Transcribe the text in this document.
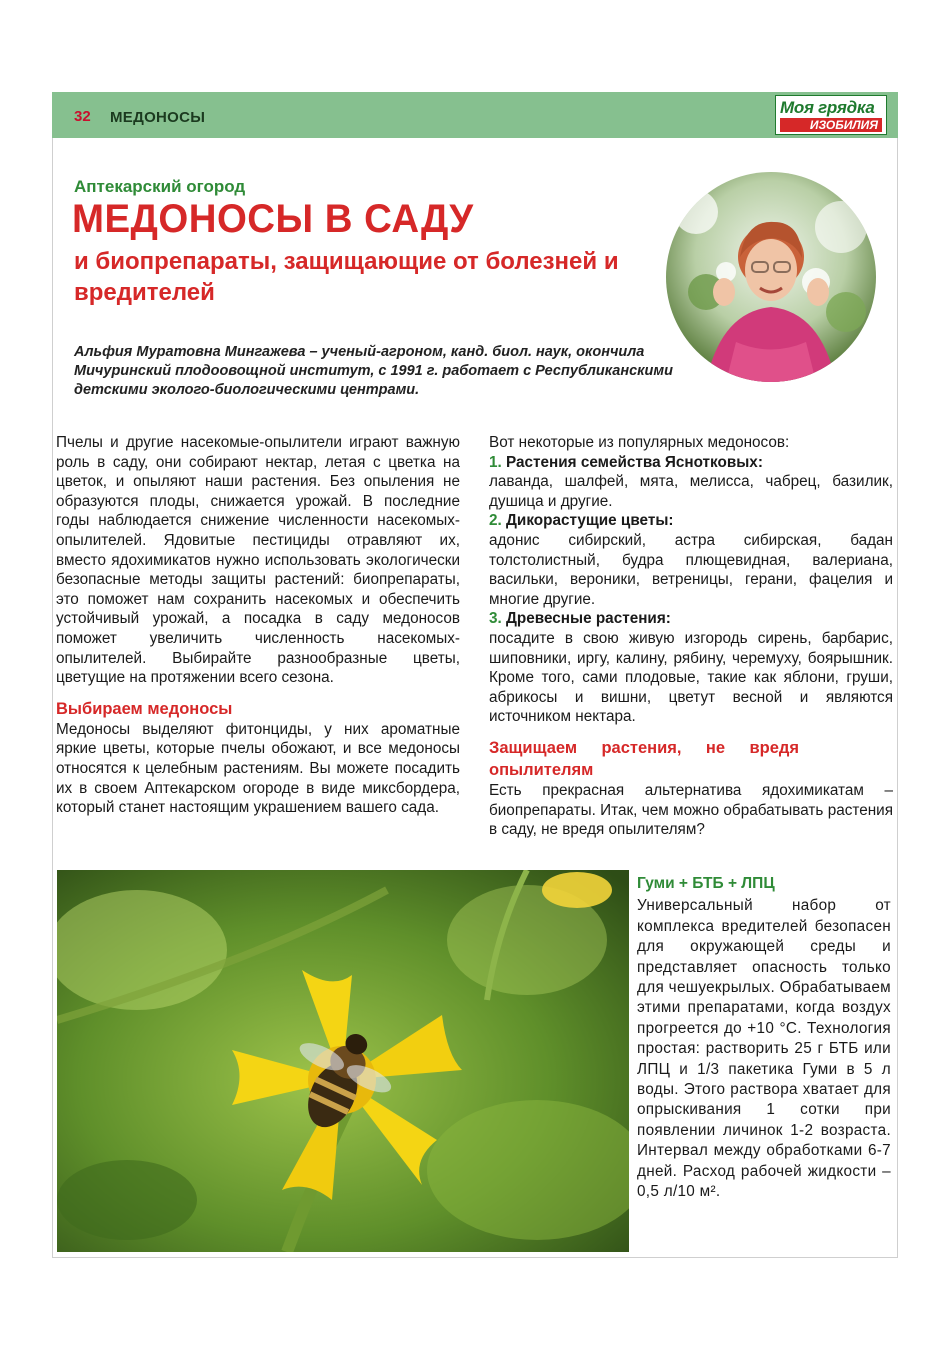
32 МЕДОНОСЫ
Моя грядка
ИЗОБИЛИЯ
Аптекарский огород
МЕДОНОСЫ В САДУ
и биопрепараты, защищающие от болезней и вредителей
Альфия Муратовна Мингажева – ученый-агроном, канд. биол. наук, окончила Мичуринский плодоовощной институт, с 1991 г. работает с Республиканскими детскими эколого-биологическими центрами.

Пчелы и другие насекомые-опылители играют важную роль в саду, они собирают нектар, летая с цветка на цветок, и опыляют наши растения. Без опыления не образуются плоды, снижается урожай. В последние годы наблюдается снижение численности насекомых-опылителей. Ядовитые пестициды отравляют их, вместо ядохимикатов нужно использовать экологически безопасные методы защиты растений: биопрепараты, это поможет нам сохранить насекомых и обеспечить устойчивый урожай, а посадка в саду медоносов поможет увеличить численность насекомых-опылителей. Выбирайте разнообразные цветы, цветущие на протяжении всего сезона.

Выбираем медоносы

Медоносы выделяют фитонциды, у них ароматные яркие цветы, которые пчелы обожают, и все медоносы относятся к целебным растениям. Вы можете посадить их в своем Аптекарском огороде в виде миксбордера, который станет настоящим украшением вашего сада.

Вот некоторые из популярных медоносов:

1. Растения семейства Яснотковых:

лаванда, шалфей, мята, мелисса, чабрец, базилик, душица и другие.

2. Дикорастущие цветы:

адонис сибирский, астра сибирская, бадан толстолистный, будра плющевидная, валериана, васильки, вероники, ветреницы, герани, фацелия и многие другие.

3. Древесные растения:

посадите в свою живую изгородь сирень, барбарис, шиповники, иргу, калину, рябину, черемуху, боярышник. Кроме того, сами плодовые, такие как яблони, груши, абрикосы и вишни, цветут весной и являются источником нектара.

Защищаем растения, не вредя опылителям

Есть прекрасная альтернатива ядохимикатам – биопрепараты. Итак, чем можно обрабатывать растения в саду, не вредя опылителям?

Гуми + БТБ + ЛПЦ

Универсальный набор от комплекса вредителей безопасен для окружающей среды и представляет опасность только для чешуекрылых. Обрабатываем этими препаратами, когда воздух прогреется до +10 °С. Технология простая: растворить 25 г БТБ или ЛПЦ и 1/3 пакетика Гуми в 5 л воды. Этого раствора хватает для опрыскивания 1 сотки при появлении личинок 1-2 возраста. Интервал между обработками 6-7 дней. Расход рабочей жидкости – 0,5 л/10 м².
